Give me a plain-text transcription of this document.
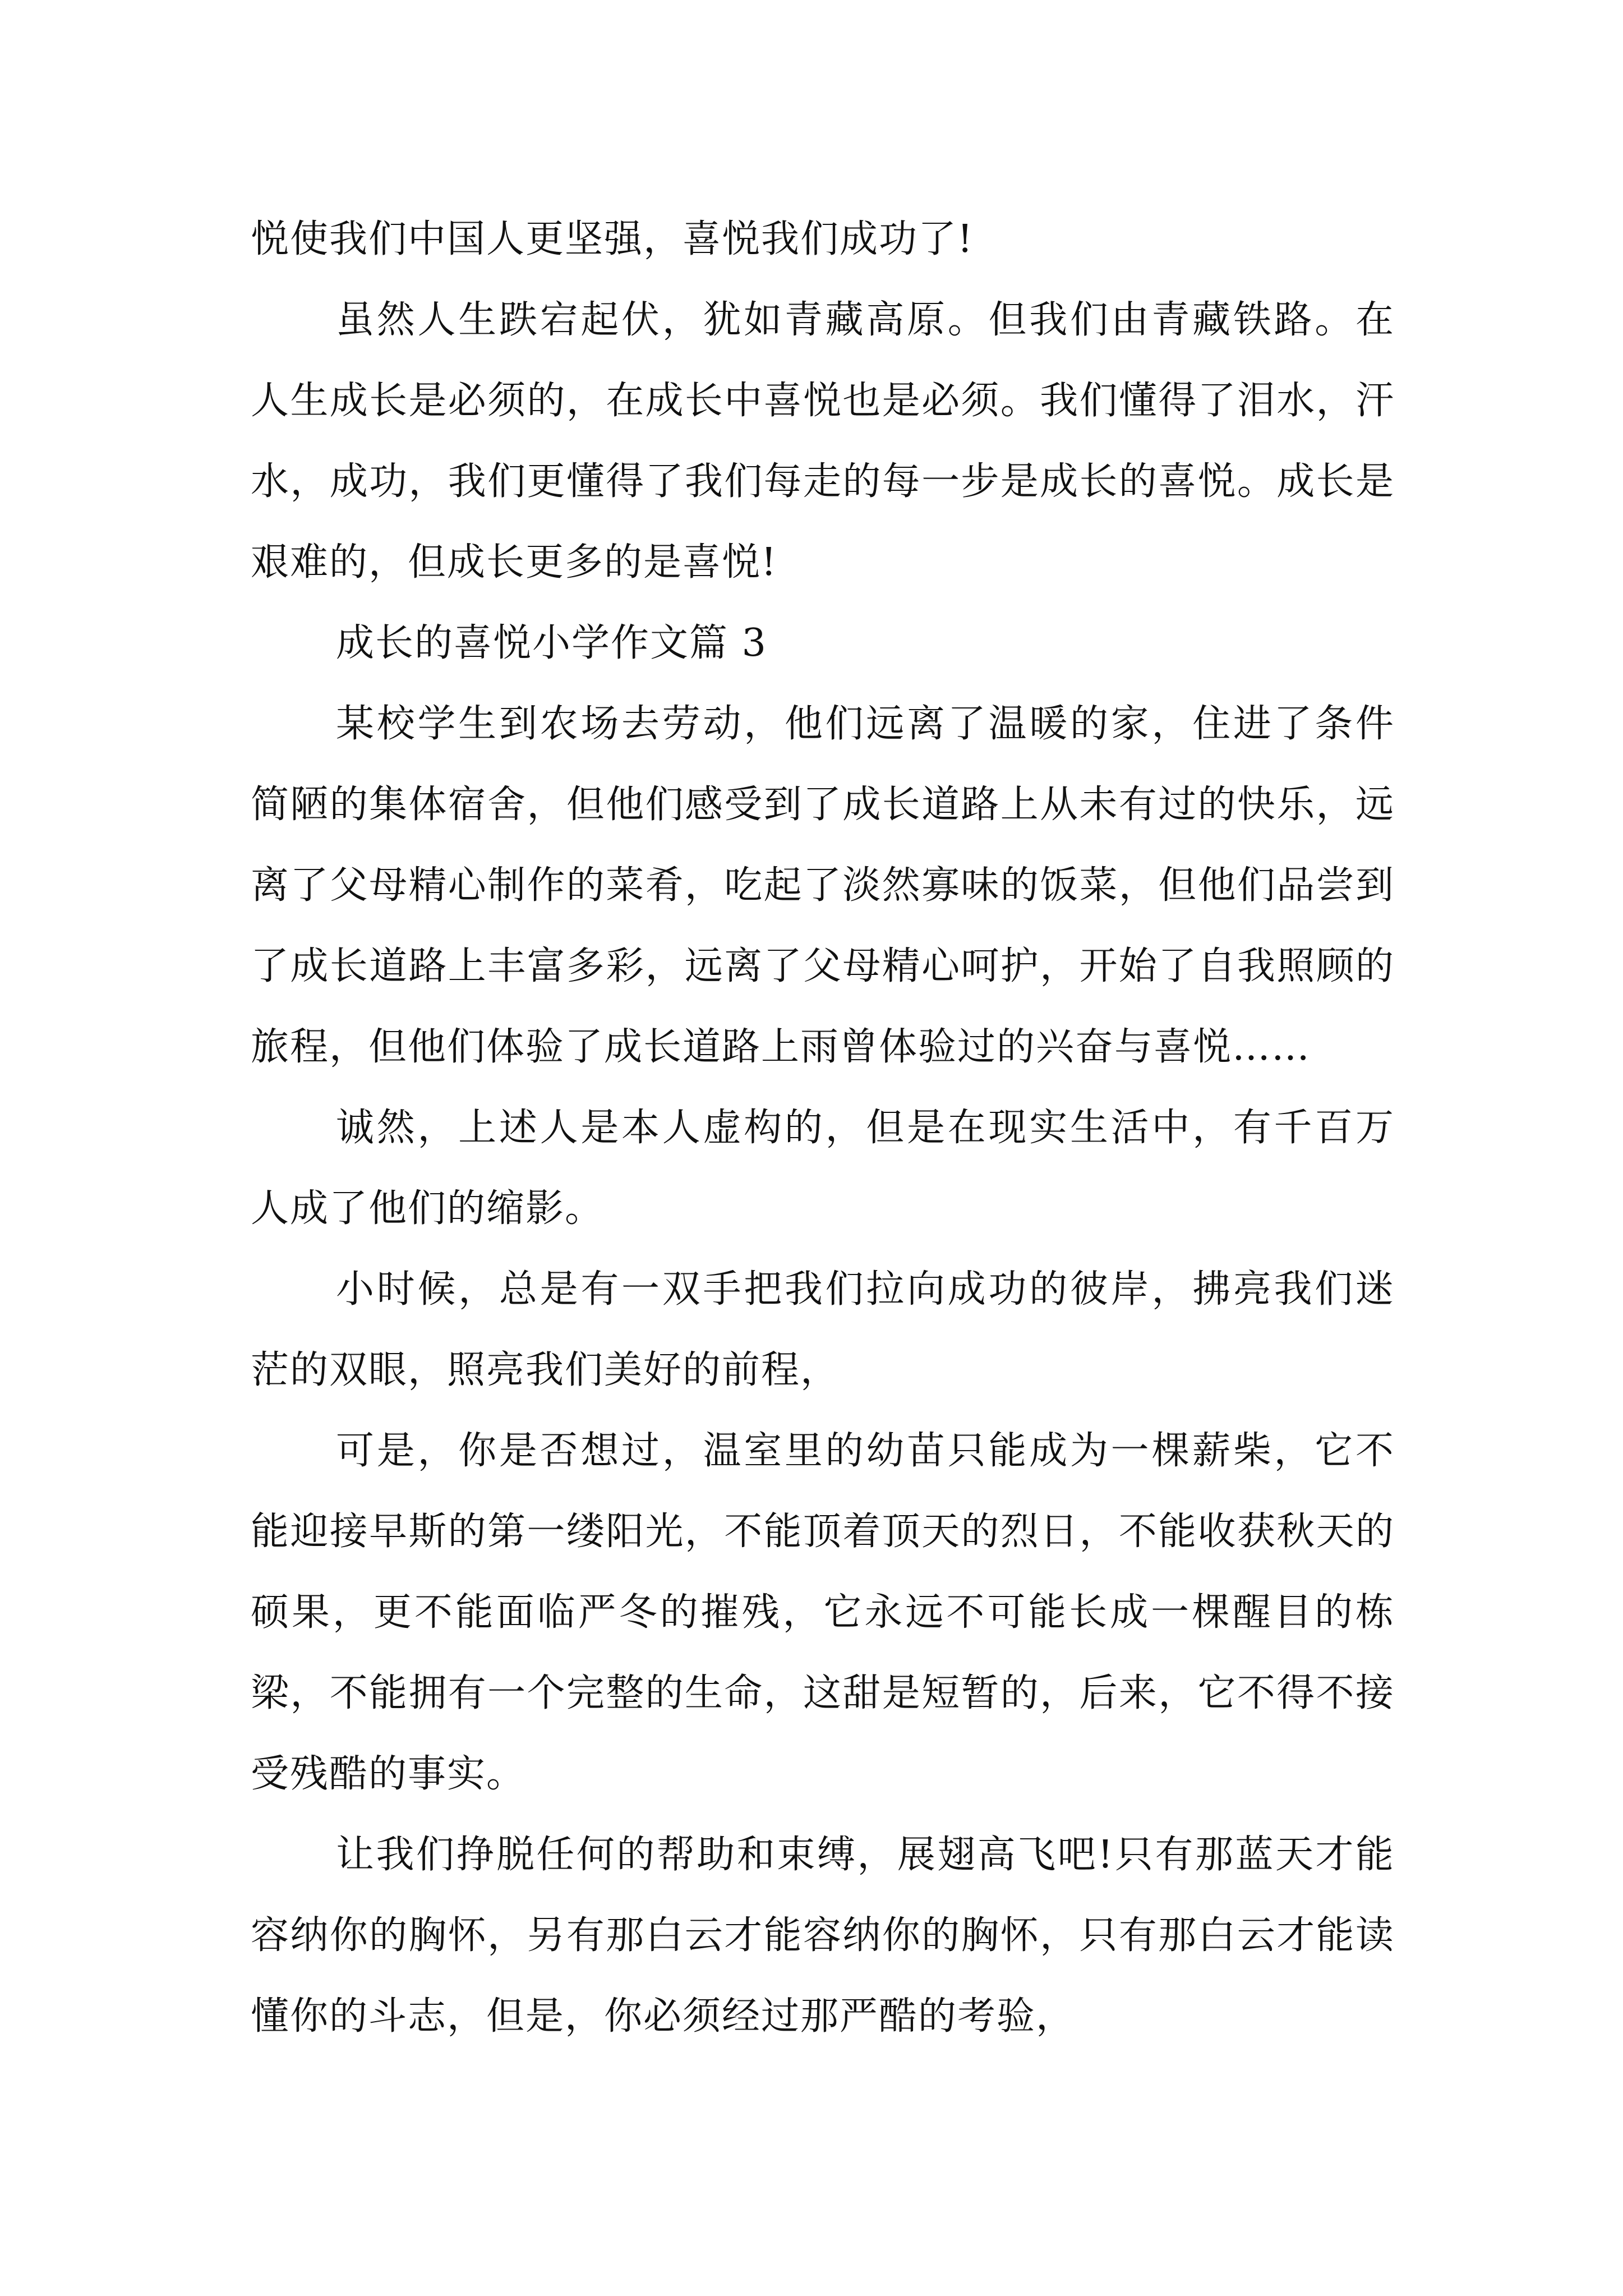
悦使我们中国人更坚强，喜悦我们成功了!

虽然人生跌宕起伏，犹如青藏高原。但我们由青藏铁路。在人生成长是必须的，在成长中喜悦也是必须。我们懂得了泪水，汗水，成功，我们更懂得了我们每走的每一步是成长的喜悦。成长是艰难的，但成长更多的是喜悦!

成长的喜悦小学作文篇 3

某校学生到农场去劳动，他们远离了温暖的家，住进了条件简陋的集体宿舍，但他们感受到了成长道路上从未有过的快乐，远离了父母精心制作的菜肴，吃起了淡然寡味的饭菜，但他们品尝到了成长道路上丰富多彩，远离了父母精心呵护，开始了自我照顾的旅程，但他们体验了成长道路上雨曾体验过的兴奋与喜悦……

诚然，上述人是本人虚构的，但是在现实生活中，有千百万人成了他们的缩影。

小时候，总是有一双手把我们拉向成功的彼岸，拂亮我们迷茫的双眼，照亮我们美好的前程，

可是，你是否想过，温室里的幼苗只能成为一棵薪柴，它不能迎接早斯的第一缕阳光，不能顶着顶天的烈日，不能收获秋天的硕果，更不能面临严冬的摧残，它永远不可能长成一棵醒目的栋梁，不能拥有一个完整的生命，这甜是短暂的，后来，它不得不接受残酷的事实。

让我们挣脱任何的帮助和束缚，展翅高飞吧!只有那蓝天才能容纳你的胸怀，另有那白云才能容纳你的胸怀，只有那白云才能读懂你的斗志，但是，你必须经过那严酷的考验，
